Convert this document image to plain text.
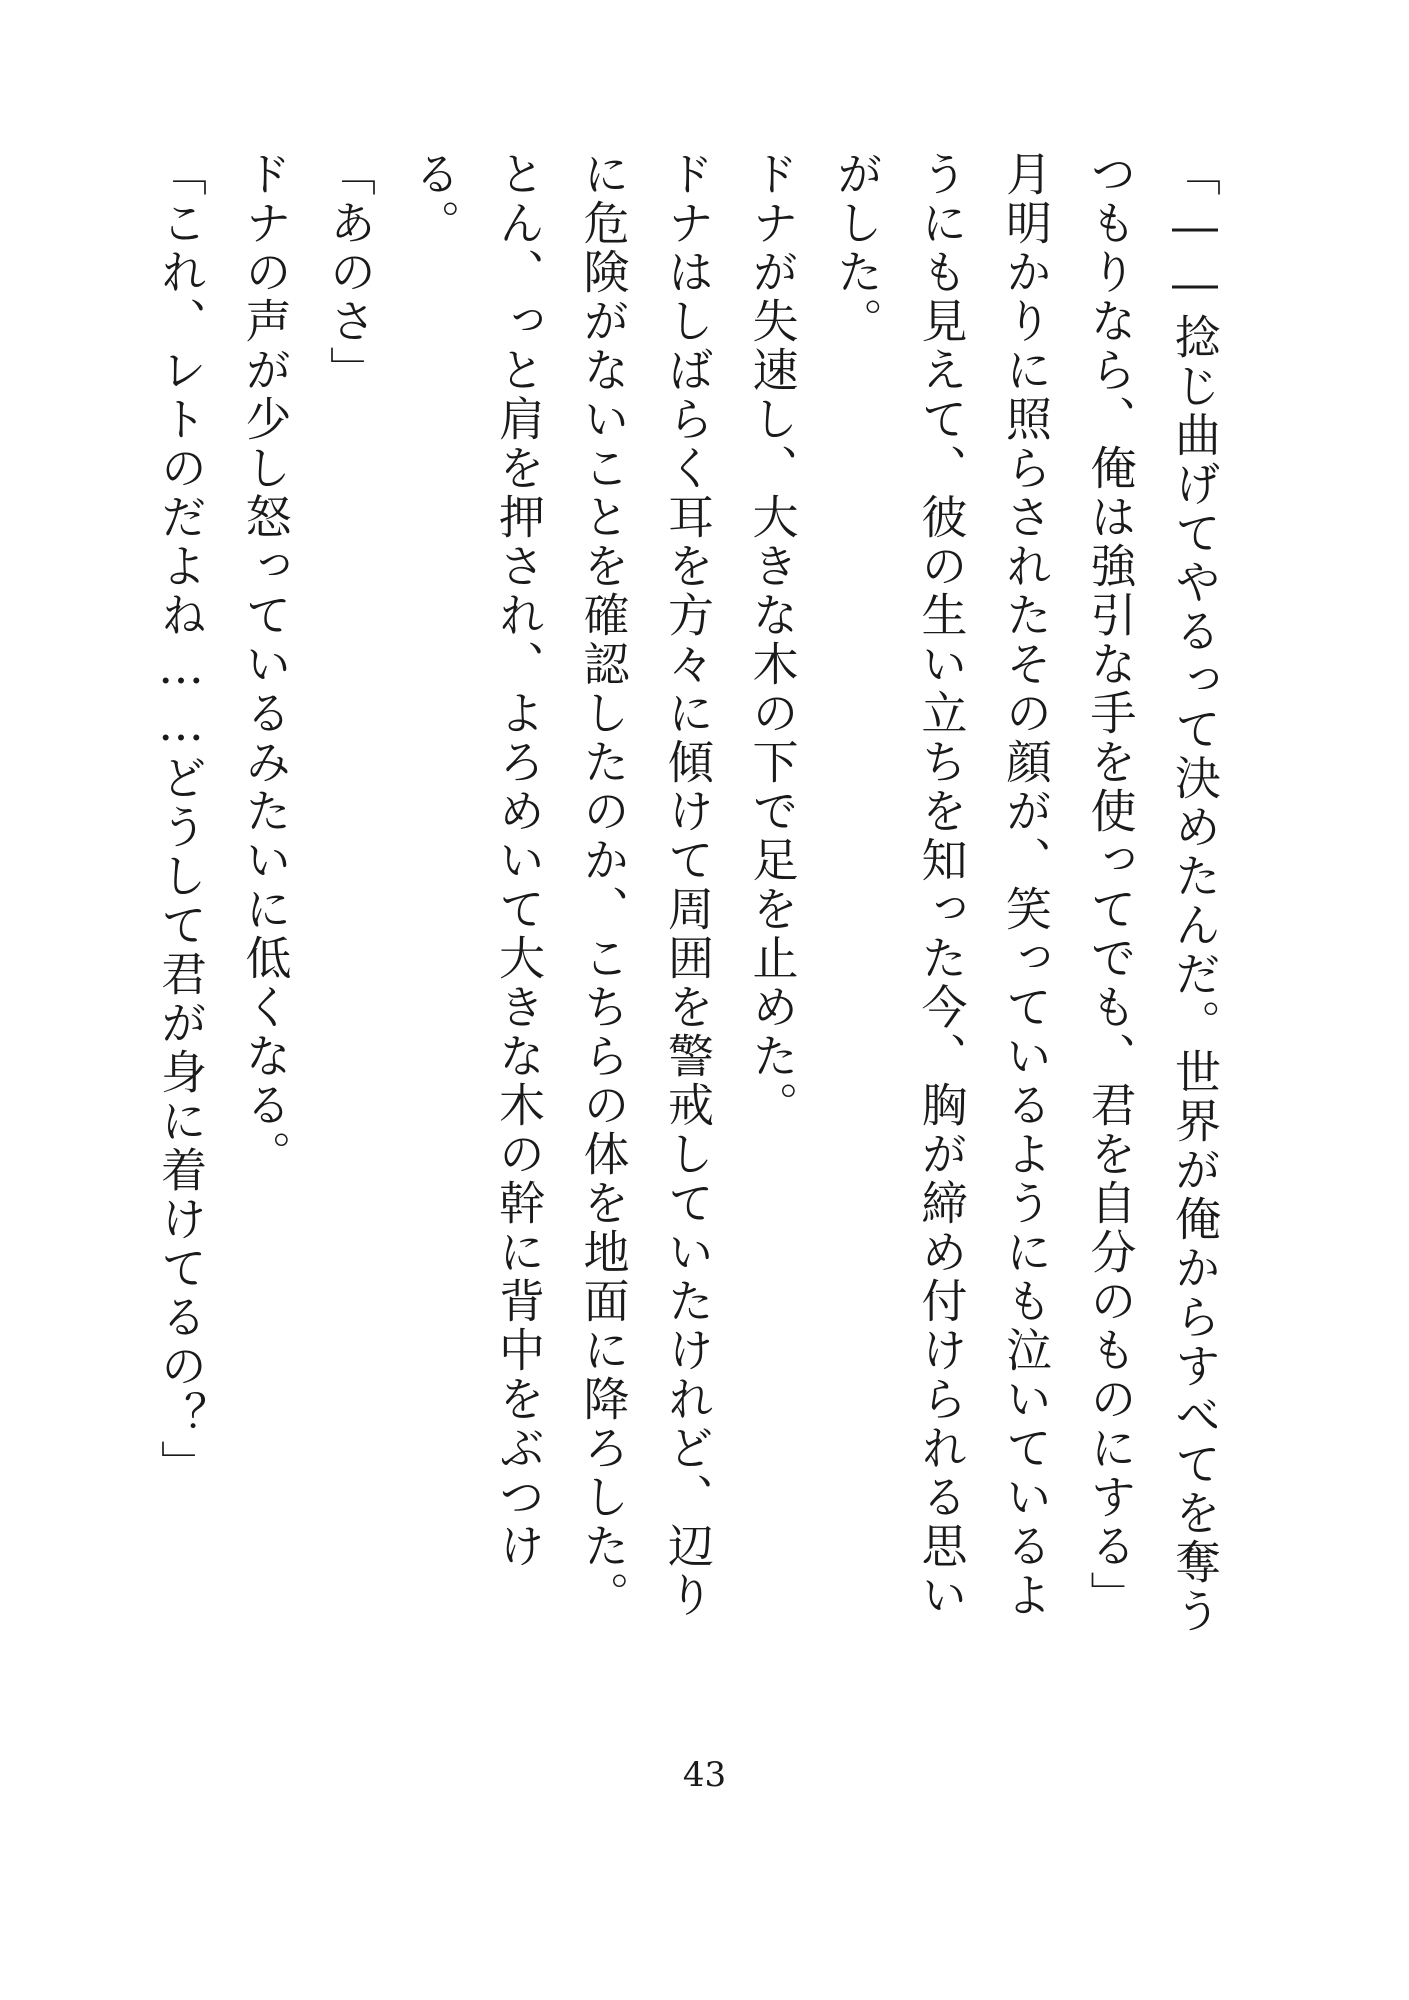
「――捻じ曲げてやるって決めたんだ。世界が俺からすべてを奪う
つもりなら、俺は強引な手を使ってでも、君を自分のものにする」
月明かりに照らされたその顔が、笑っているようにも泣いているよ
うにも見えて、彼の生い立ちを知った今、胸が締め付けられる思い
がした。
ドナが失速し、大きな木の下で足を止めた。
ドナはしばらく耳を方々に傾けて周囲を警戒していたけれど、辺り
に危険がないことを確認したのか、こちらの体を地面に降ろした。
とん、っと肩を押され、よろめいて大きな木の幹に背中をぶつけ
る。
「あのさ」
ドナの声が少し怒っているみたいに低くなる。
「これ、レトのだよね……どうして君が身に着けてるの？」
43
